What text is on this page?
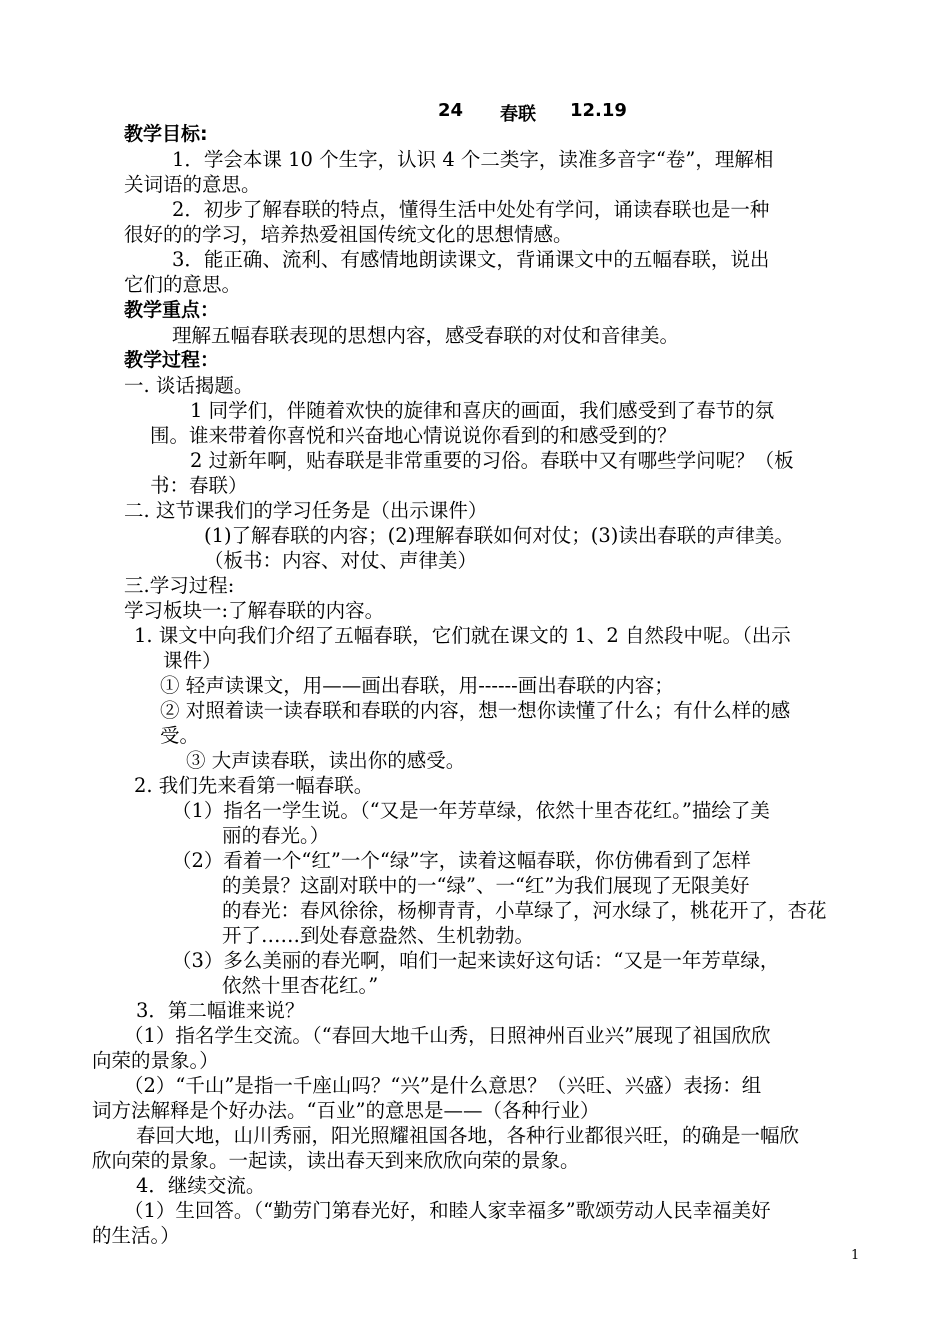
24 春联 12.19
教学目标:
1．学会本课 10 个生字，认识 4 个二类字，读准多音字“卷”，理解相
关词语的意思。
2．初步了解春联的特点，懂得生活中处处有学问，诵读春联也是一种
很好的的学习，培养热爱祖国传统文化的思想情感。
3．能正确、流利、有感情地朗读课文，背诵课文中的五幅春联，说出
它们的意思。
教学重点：
理解五幅春联表现的思想内容，感受春联的对仗和音律美。
教学过程：
一. 谈话揭题。
1 同学们，伴随着欢快的旋律和喜庆的画面，我们感受到了春节的氛
围。谁来带着你喜悦和兴奋地心情说说你看到的和感受到的？
2 过新年啊，贴春联是非常重要的习俗。春联中又有哪些学问呢？（板
书：春联）
二. 这节课我们的学习任务是（出示课件）
(1)了解春联的内容；(2)理解春联如何对仗；(3)读出春联的声律美。
（板书：内容、对仗、声律美）
三.学习过程:
学习板块一:了解春联的内容。
1. 课文中向我们介绍了五幅春联，它们就在课文的 1、2 自然段中呢。（出示
课件）
① 轻声读课文，用——画出春联，用------画出春联的内容；
② 对照着读一读春联和春联的内容，想一想你读懂了什么；有什么样的感
受。
③ 大声读春联，读出你的感受。
2. 我们先来看第一幅春联。
（1）指名一学生说。（“又是一年芳草绿，依然十里杏花红。”描绘了美
丽的春光。）
（2）看着一个“红”一个“绿”字，读着这幅春联，你仿佛看到了怎样
的美景？这副对联中的一“绿”、一“红”为我们展现了无限美好
的春光：春风徐徐，杨柳青青，小草绿了，河水绿了，桃花开了，杏花
开了……到处春意盎然、生机勃勃。
（3）多么美丽的春光啊，咱们一起来读好这句话：“又是一年芳草绿，
依然十里杏花红。”
3．第二幅谁来说？
（1）指名学生交流。（“春回大地千山秀，日照神州百业兴”展现了祖国欣欣
向荣的景象。）
（2）“千山”是指一千座山吗？“兴”是什么意思？（兴旺、兴盛）表扬：组
词方法解释是个好办法。“百业”的意思是——（各种行业）
春回大地，山川秀丽，阳光照耀祖国各地，各种行业都很兴旺，的确是一幅欣
欣向荣的景象。一起读，读出春天到来欣欣向荣的景象。
4．继续交流。
（1）生回答。（“勤劳门第春光好，和睦人家幸福多”歌颂劳动人民幸福美好
的生活。）
1
